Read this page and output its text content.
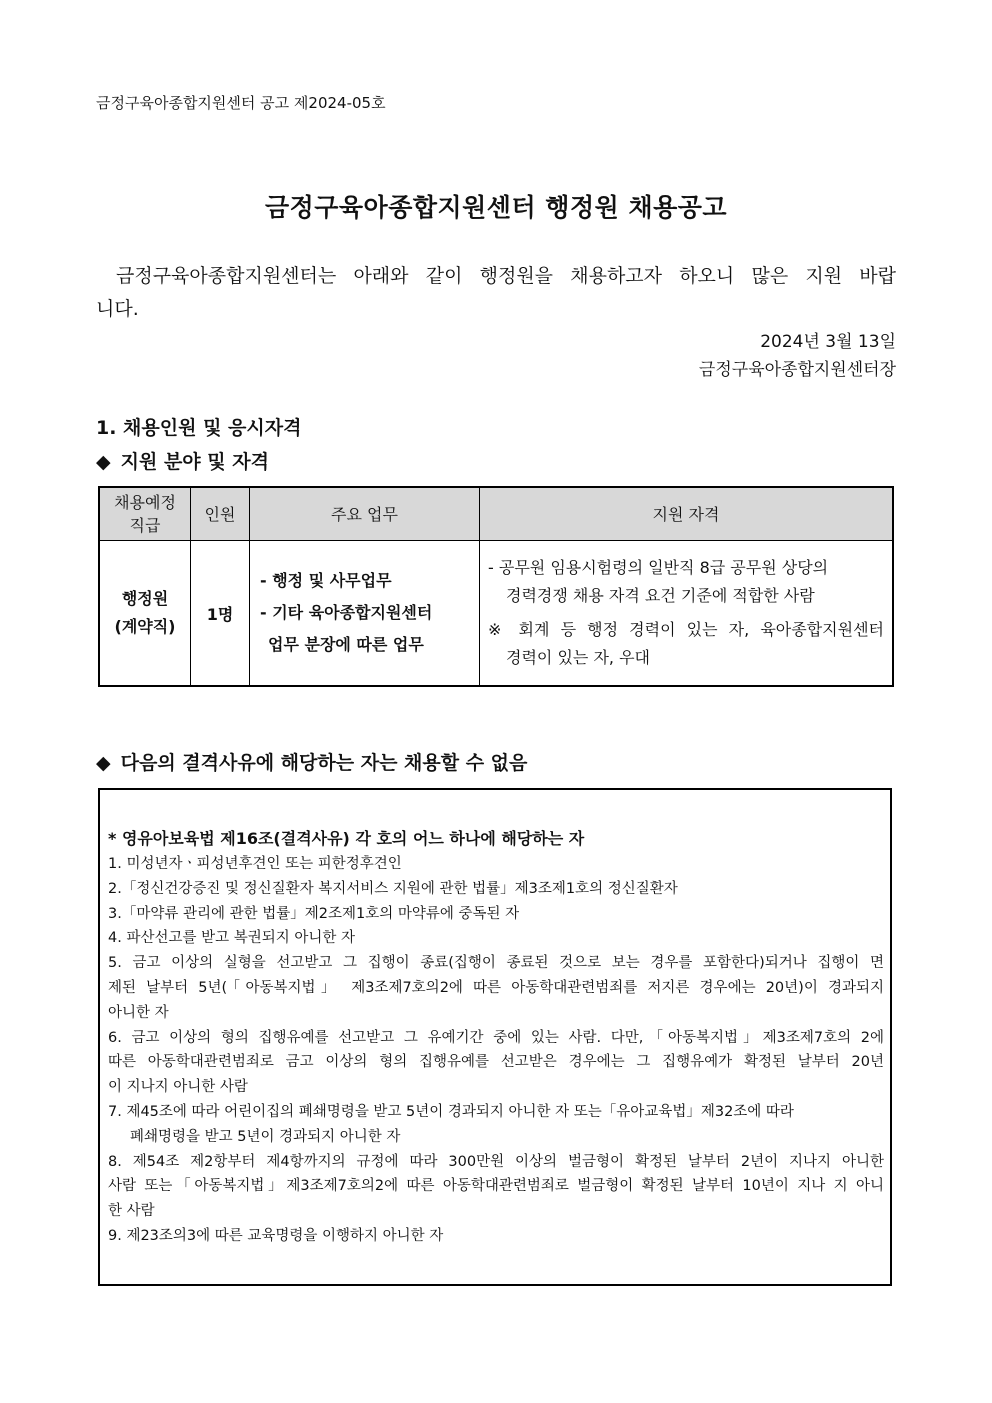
금정구육아종합지원센터 공고 제2024-05호
금정구육아종합지원센터 행정원 채용공고
금정구육아종합지원센터는 아래와 같이 행정원을 채용하고자 하오니 많은 지원 바랍
니다.
2024년 3월 13일
금정구육아종합지원센터장
1. 채용인원 및 응시자격
◆ 지원 분야 및 자격
채용예정
직급	인원	주요 업무	지원 자격
행정원
(계약직)	1명	- 행정 및 사무업무
- 기타 육아종합지원센터
업무 분장에 따른 업무	- 공무원 임용시험령의 일반직 8급 공무원 상당의
경력경쟁 채용 자격 요건 기준에 적합한 사람
※ 회계 등 행정 경력이 있는 자, 육아종합지원센터
경력이 있는 자, 우대
◆ 다음의 결격사유에 해당하는 자는 채용할 수 없음
* 영유아보육법 제16조(결격사유) 각 호의 어느 하나에 해당하는 자
1. 미성년자ㆍ피성년후견인 또는 피한정후견인
2.「정신건강증진 및 정신질환자 복지서비스 지원에 관한 법률」제3조제1호의 정신질환자
3.「마약류 관리에 관한 법률」제2조제1호의 마약류에 중독된 자
4. 파산선고를 받고 복권되지 아니한 자
5. 금고 이상의 실형을 선고받고 그 집행이 종료(집행이 종료된 것으로 보는 경우를 포함한다)되거나 집행이 면
제된 날부터 5년(「아동복지법」 제3조제7호의2에 따른 아동학대관련범죄를 저지른 경우에는 20년)이 경과되지
아니한 자
6. 금고 이상의 형의 집행유예를 선고받고 그 유예기간 중에 있는 사람. 다만,「아동복지법」제3조제7호의 2에
따른 아동학대관련범죄로 금고 이상의 형의 집행유예를 선고받은 경우에는 그 집행유예가 확정된 날부터 20년
이 지나지 아니한 사람
7. 제45조에 따라 어린이집의 폐쇄명령을 받고 5년이 경과되지 아니한 자 또는「유아교육법」제32조에 따라
폐쇄명령을 받고 5년이 경과되지 아니한 자
8. 제54조 제2항부터 제4항까지의 규정에 따라 300만원 이상의 벌금형이 확정된 날부터 2년이 지나지 아니한
사람 또는「아동복지법」제3조제7호의2에 따른 아동학대관련범죄로 벌금형이 확정된 날부터 10년이 지나 지 아니
한 사람
9. 제23조의3에 따른 교육명령을 이행하지 아니한 자
